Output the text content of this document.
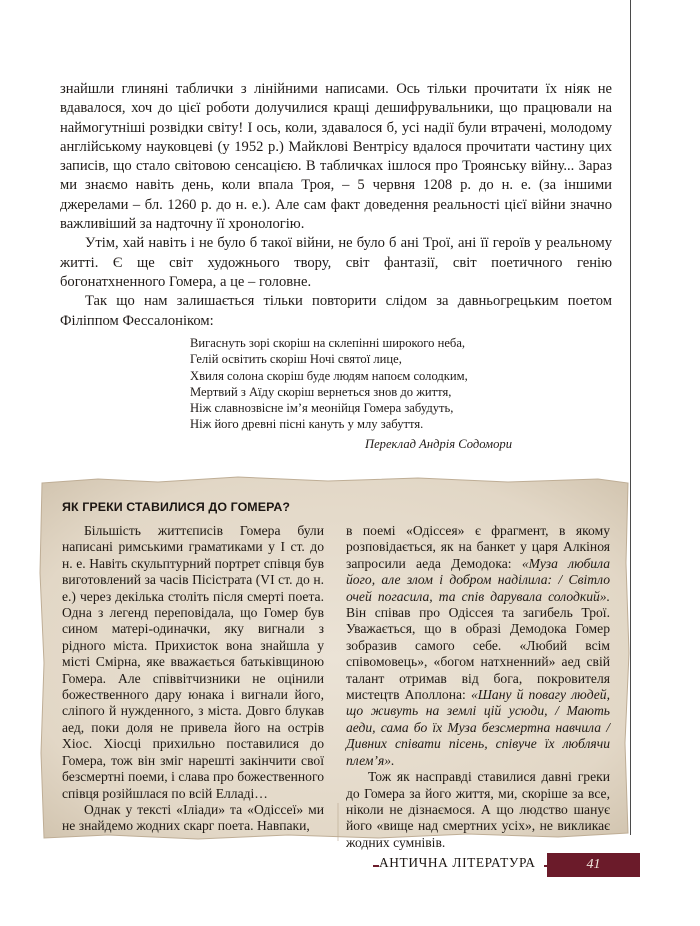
знайшли глиняні таблички з лінійними написами. Ось тільки прочитати їх ніяк не вдавалося, хоч до цієї роботи долучилися кращі дешифрувальники, що працювали на наймогутніші розвідки світу! І ось, коли, здавалося б, усі надії були втрачені, молодому англійському науковцеві (у 1952 р.) Майклові Вентрісу вдалося прочитати частину цих записів, що стало світовою сенсацією. В табличках ішлося про Троянську війну... Зараз ми знаємо навіть день, коли впала Троя, – 5 червня 1208 р. до н. е. (за іншими джерелами – бл. 1260 р. до н. е.). Але сам факт доведення реальності цієї війни значно важливіший за надточну її хронологію.

Утім, хай навіть і не було б такої війни, не було б ані Трої, ані її героїв у реальному житті. Є ще світ художнього твору, світ фантазії, світ поетичного генію богонатхненного Гомера, а це – головне.

Так що нам залишається тільки повторити слідом за давньогрецьким поетом Філіппом Фессалоніком:

Вигаснуть зорі скоріш на склепінні широкого неба,
Гелій освітить скоріш Ночі святої лице,
Хвиля солона скоріш буде людям напоєм солодким,
Мертвий з Аїду скоріш вернеться знов до життя,
Ніж славнозвісне ім’я меонійця Гомера забудуть,
Ніж його древні пісні кануть у млу забуття.
Переклад Андрія Содомори
ЯК ГРЕКИ СТАВИЛИСЯ ДО ГОМЕРА?

Більшість життєписів Гомера були написані римськими граматиками у І ст. до н. е. Навіть скульптурний портрет співця був виготовлений за часів Пісістрата (VI ст. до н. е.) через декілька століть після смерті поета. Одна з легенд переповідала, що Гомер був сином матері-одиначки, яку вигнали з рідного міста. Прихисток вона знайшла у місті Смірна, яке вважається батьківщиною Гомера. Але співвітчизники не оцінили божественного дару юнака і вигнали його, сліпого й нужденного, з міста. Довго блукав аед, поки доля не привела його на острів Хіос. Хіосці прихильно поставилися до Гомера, тож він зміг нарешті закінчити свої безсмертні поеми, і слава про божественного співця розійшлася по всій Елладі…

Однак у тексті «Іліади» та «Одіссеї» ми не знайдемо жодних скарг поета. Навпаки,

в поемі «Одіссея» є фрагмент, в якому розповідається, як на банкет у царя Алкіноя запросили аеда Демодока: «Муза любила його, але злом і добром наділила: / Світло очей погасила, та спів дарувала солодкий». Він співав про Одіссея та загибель Трої. Уважається, що в образі Демодока Гомер зобразив самого себе. «Любий всім співомовець», «богом натхненний» аед свій талант отримав від бога, покровителя мистецтв Аполлона: «Шану й повагу людей, що живуть на землі цій усюди, / Мають аеди, сама бо їх Муза безсмертна навчила / Дивних співати пісень, співуче їх люблячи плем’я».

Тож як насправді ставилися давні греки до Гомера за його життя, ми, скоріше за все, ніколи не дізнаємося. А що людство шанує його «вище над смертних усіх», не викликає жодних сумнівів.

АНТИЧНА ЛІТЕРАТУРА	41
